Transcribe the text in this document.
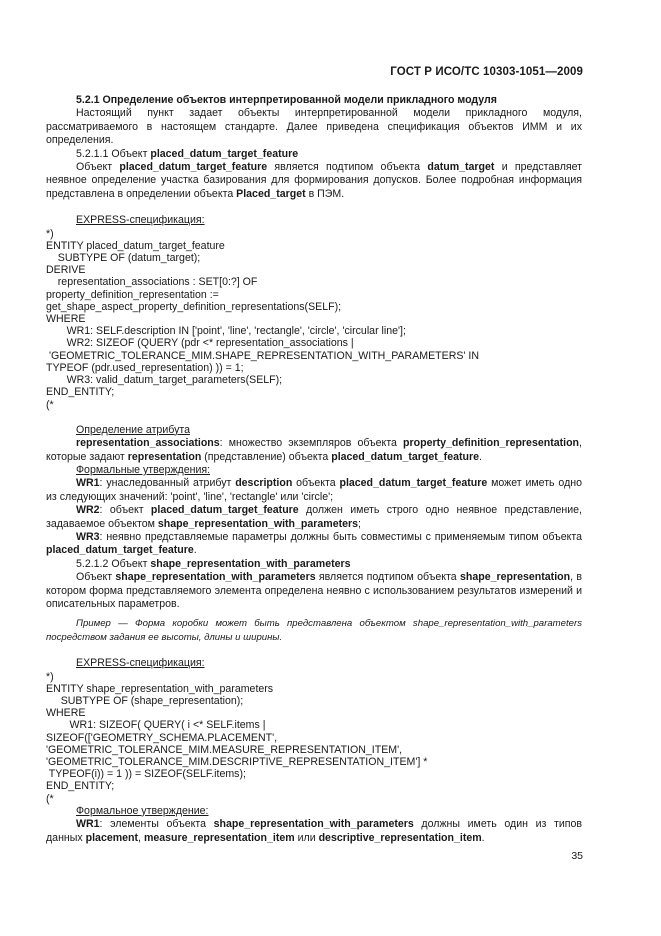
ГОСТ Р ИСО/ТС 10303-1051—2009

5.2.1 Определение объектов интерпретированной модели прикладного модуля

Настоящий пункт задает объекты интерпретированной модели прикладного модуля, рассматриваемого в настоящем стандарте. Далее приведена спецификация объектов ИММ и их определения.

5.2.1.1 Объект placed_datum_target_feature

Объект placed_datum_target_feature является подтипом объекта datum_target и представляет неявное определение участка базирования для формирования допусков. Более подробная информация представлена в определении объекта Placed_target в ПЭМ.

EXPRESS-спецификация:

*)

ENTITY placed_datum_target_feature

SUBTYPE OF (datum_target);

DERIVE

representation_associations : SET[0:?] OF

property_definition_representation :=

get_shape_aspect_property_definition_representations(SELF);

WHERE

WR1: SELF.description IN ['point', 'line', 'rectangle', 'circle', 'circular line'];

WR2: SIZEOF (QUERY (pdr <* representation_associations |

'GEOMETRIC_TOLERANCE_MIM.SHAPE_REPRESENTATION_WITH_PARAMETERS' IN

TYPEOF (pdr.used_representation) )) = 1;

WR3: valid_datum_target_parameters(SELF);

END_ENTITY;

(*

Определение атрибута

representation_associations: множество экземпляров объекта property_definition_representation, которые задают representation (представление) объекта placed_datum_target_feature.

Формальные утверждения:

WR1: унаследованный атрибут description объекта placed_datum_target_feature может иметь одно из следующих значений: 'point', 'line', 'rectangle' или 'circle';

WR2: объект placed_datum_target_feature должен иметь строго одно неявное представление, задаваемое объектом shape_representation_with_parameters;

WR3: неявно представляемые параметры должны быть совместимы с применяемым типом объекта placed_datum_target_feature.

5.2.1.2 Объект shape_representation_with_parameters

Объект shape_representation_with_parameters является подтипом объекта shape_representation, в котором форма представляемого элемента определена неявно с использованием результатов измерений и описательных параметров.

Пример — Форма коробки может быть представлена объектом shape_representation_with_parameters посредством задания ее высоты, длины и ширины.

EXPRESS-спецификация:

*)

ENTITY shape_representation_with_parameters

SUBTYPE OF (shape_representation);

WHERE

WR1: SIZEOF( QUERY( i <* SELF.items |

SIZEOF(['GEOMETRY_SCHEMA.PLACEMENT',

'GEOMETRIC_TOLERANCE_MIM.MEASURE_REPRESENTATION_ITEM',

'GEOMETRIC_TOLERANCE_MIM.DESCRIPTIVE_REPRESENTATION_ITEM'] *

TYPEOF(i)) = 1 )) = SIZEOF(SELF.items);

END_ENTITY;

(*

Формальное утверждение:

WR1: элементы объекта shape_representation_with_parameters должны иметь один из типов данных placement, measure_representation_item или descriptive_representation_item.

35
